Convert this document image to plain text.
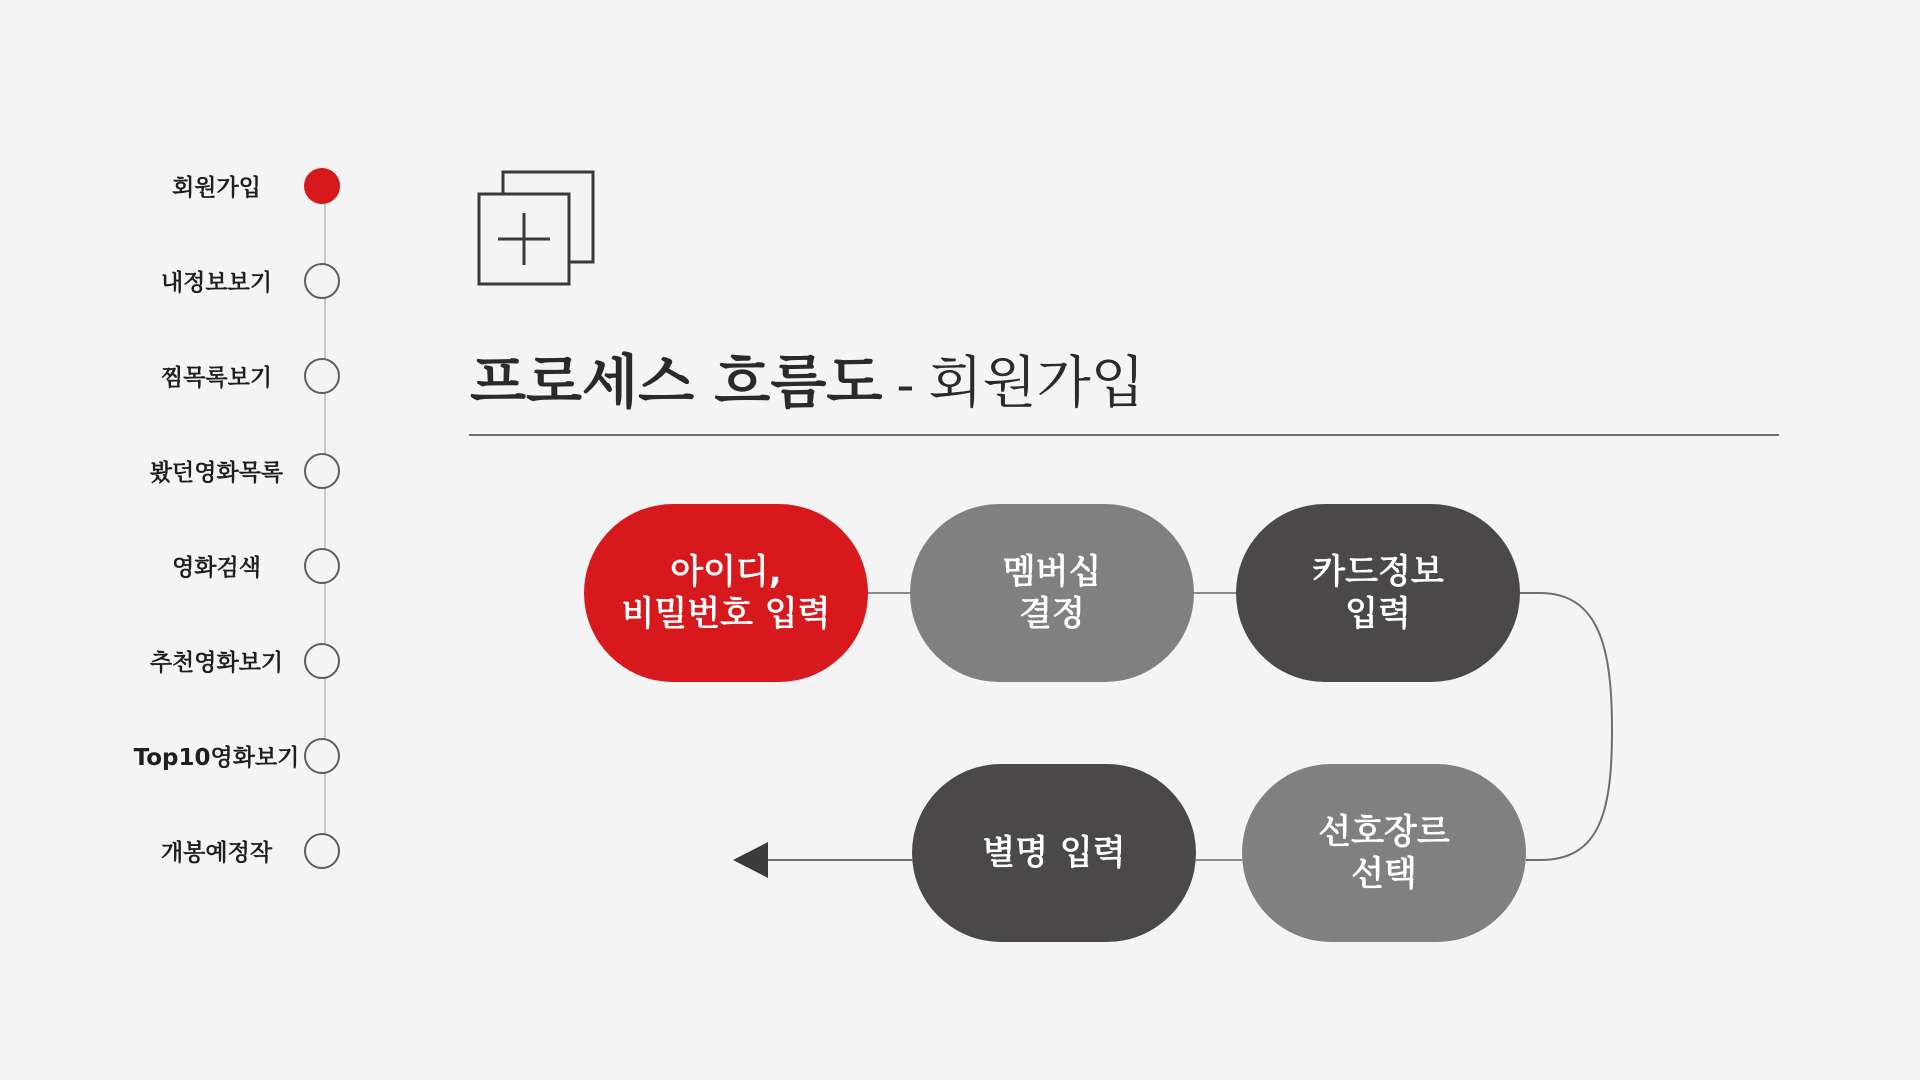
회원가입
내정보보기
찜목록보기
봤던영화목록
영화검색
추천영화보기
Top10영화보기
개봉예정작
프로세스 흐름도 - 회원가입
아이디,
비밀번호 입력
멤버십
결정
카드정보
입력
선호장르
선택
별명 입력
